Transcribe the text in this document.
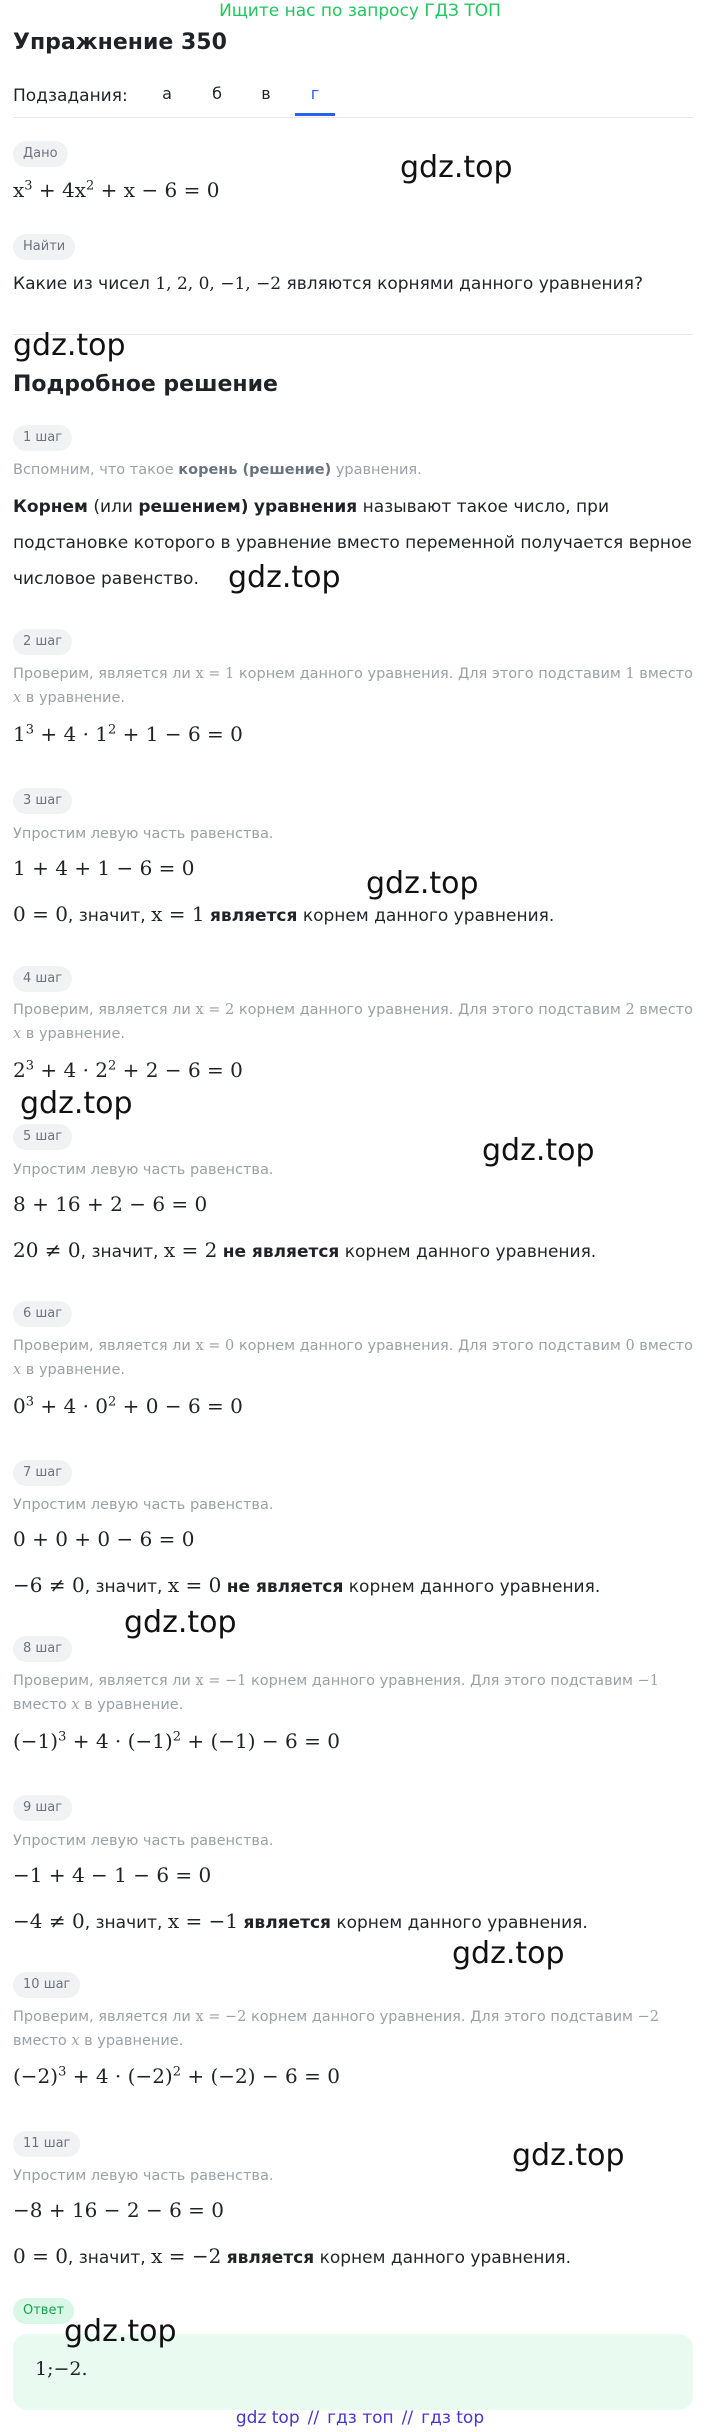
Ищите нас по запросу ГДЗ ТОП
Упражнение 350
Подзадания:	а	б	в	г
Дано
$x^3 + 4x^2 + x - 6 = 0$
gdz.top
Найти
Какие из чисел 1, 2, 0, −1, −2 являются корнями данного уравнения?
gdz.top
Подробное решение
1 шаг
Вспомним, что такое корень (решение) уравнения.
Корнем (или решением) уравнения называют такое число, при подстановке которого в уравнение вместо переменной получается верное числовое равенство. gdz.top
2 шаг
Проверим, является ли x = 1 корнем данного уравнения. Для этого подставим 1 вместо x в уравнение.
$1^3 + 4 \cdot 1^2 + 1 - 6 = 0$
3 шаг
Упростим левую часть равенства.
1 + 4 + 1 − 6 = 0	gdz.top
0 = 0, значит, x = 1 является корнем данного уравнения.
4 шаг
Проверим, является ли x = 2 корнем данного уравнения. Для этого подставим 2 вместо x в уравнение.
$2^3 + 4 \cdot 2^2 + 2 - 6 = 0$
gdz.top
5 шаг	gdz.top
Упростим левую часть равенства.
8 + 16 + 2 − 6 = 0
20 ≠ 0, значит, x = 2 не является корнем данного уравнения.
6 шаг
Проверим, является ли x = 0 корнем данного уравнения. Для этого подставим 0 вместо x в уравнение.
$0^3 + 4 \cdot 0^2 + 0 - 6 = 0$
7 шаг
Упростим левую часть равенства.
0 + 0 + 0 − 6 = 0
−6 ≠ 0, значит, x = 0 не является корнем данного уравнения.
gdz.top
8 шаг
Проверим, является ли x = −1 корнем данного уравнения. Для этого подставим −1 вместо x в уравнение.
$(-1)^3 + 4 \cdot (-1)^2 + (-1) - 6 = 0$
9 шаг
Упростим левую часть равенства.
−1 + 4 − 1 − 6 = 0
−4 ≠ 0, значит, x = −1 является корнем данного уравнения.
gdz.top
10 шаг
Проверим, является ли x = −2 корнем данного уравнения. Для этого подставим −2 вместо x в уравнение.
$(-2)^3 + 4 \cdot (-2)^2 + (-2) - 6 = 0$
11 шаг	gdz.top
Упростим левую часть равенства.
−8 + 16 − 2 − 6 = 0
0 = 0, значит, x = −2 является корнем данного уравнения.
Ответ
1;−2.
gdz.top
gdz top // гдз топ // гдз top
